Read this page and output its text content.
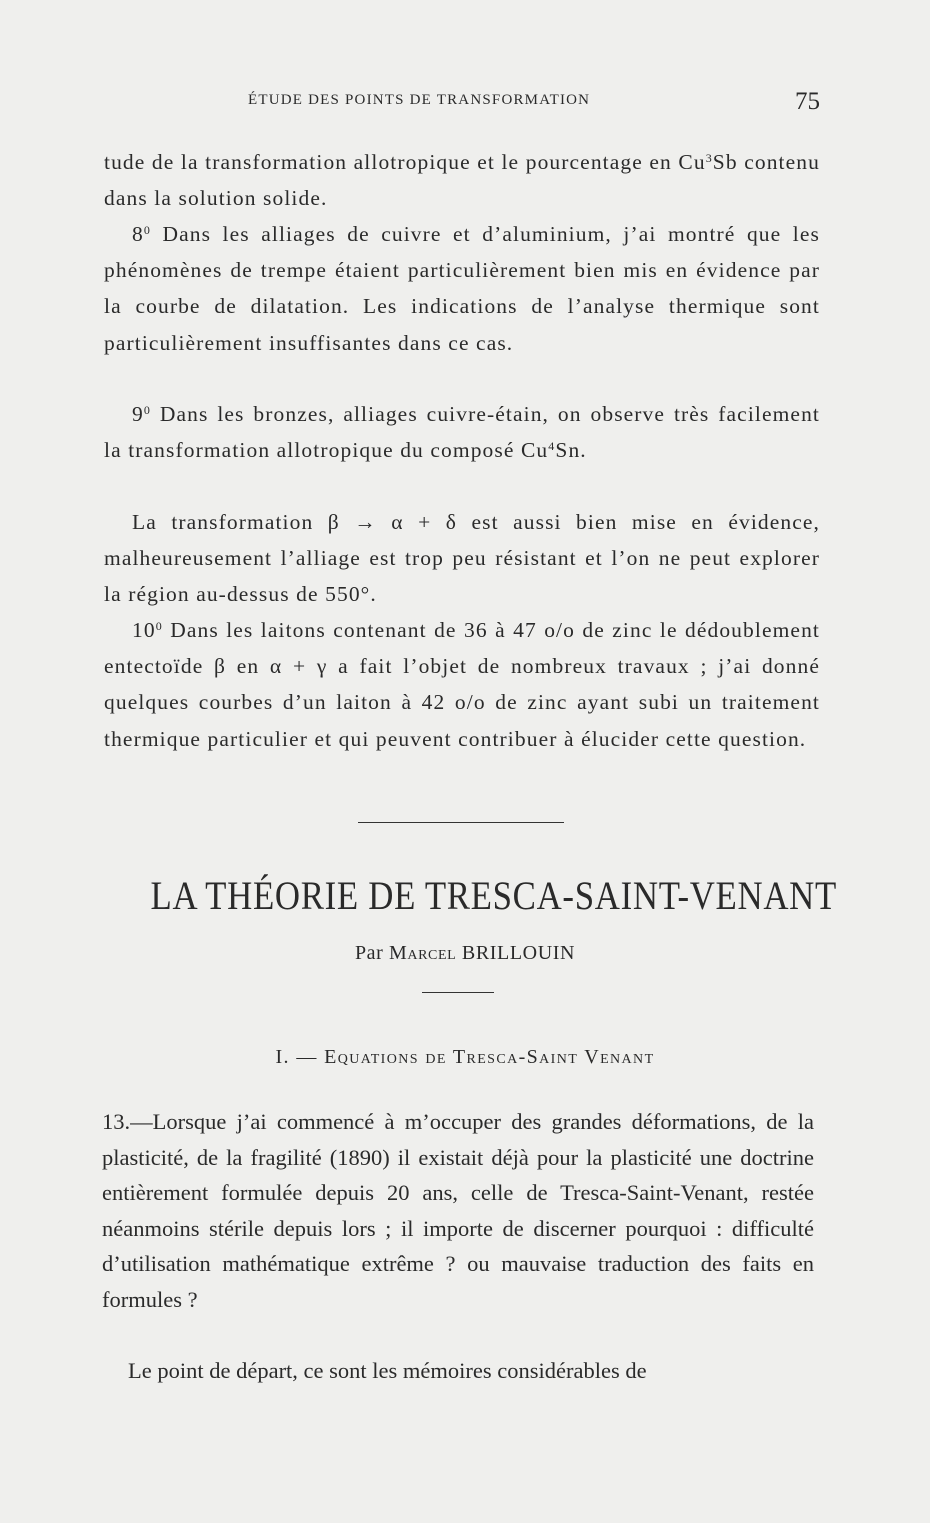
ÉTUDE DES POINTS DE TRANSFORMATION	75

tude de la transformation allotropique et le pourcentage en Cu$^3$Sb contenu dans la solution solide.

$8^0$ Dans les alliages de cuivre et d’aluminium, j’ai montré que les phénomènes de trempe étaient particulièrement bien mis en évidence par la courbe de dilatation. Les indications de l’analyse thermique sont particulièrement insuffisantes dans ce cas.

$9^0$ Dans les bronzes, alliages cuivre-étain, on observe très facilement la transformation allotropique du composé Cu$^4$Sn.

La transformation β → α + δ est aussi bien mise en évidence, malheureusement l’alliage est trop peu résistant et l’on ne peut explorer la région au-dessus de 550°.

$10^0$ Dans les laitons contenant de 36 à 47 o/o de zinc le dédoublement entectoïde β en α + γ a fait l’objet de nombreux travaux ; j’ai donné quelques courbes d’un laiton à 42 o/o de zinc ayant subi un traitement thermique particulier et qui peuvent contribuer à élucider cette question.

LA THÉORIE DE TRESCA-SAINT-VENANT
Par Marcel BRILLOUIN
I. — Equations de Tresca-Saint Venant

13.—Lorsque j’ai commencé à m’occuper des grandes déformations, de la plasticité, de la fragilité (1890) il existait déjà pour la plasticité une doctrine entièrement formulée depuis 20 ans, celle de Tresca-Saint-Venant, restée néanmoins stérile depuis lors ; il importe de discerner pourquoi : difficulté d’utilisation mathématique extrême ? ou mauvaise traduction des faits en formules ?

Le point de départ, ce sont les mémoires considérables de
